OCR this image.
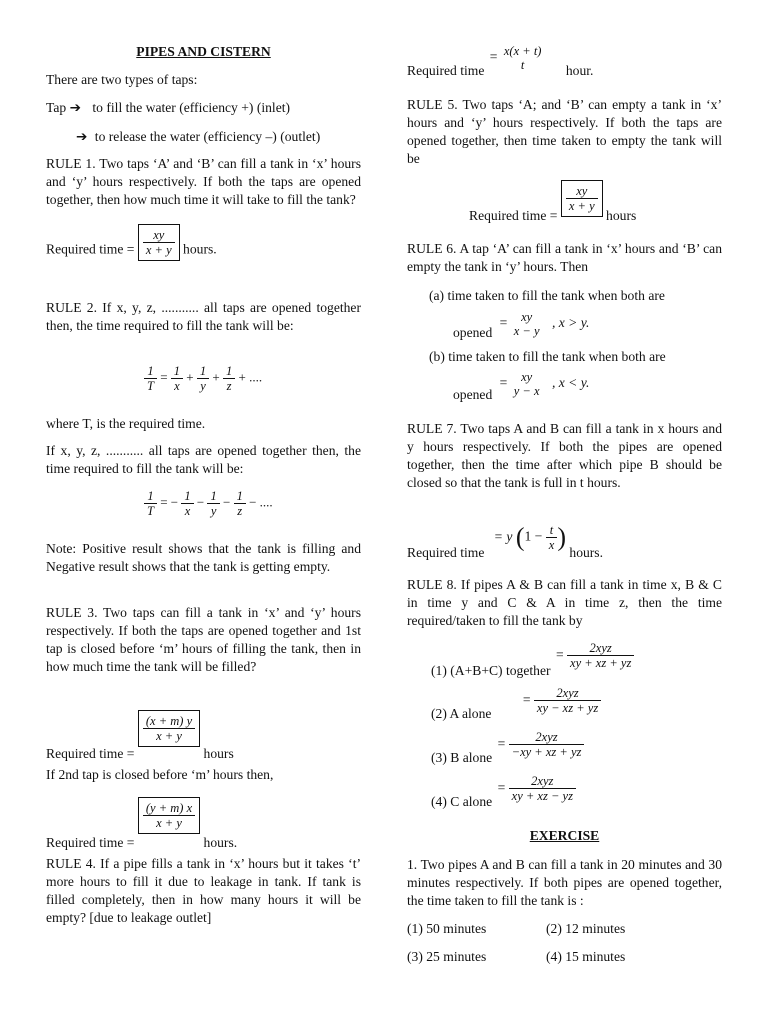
PIPES AND CISTERN
There are two types of taps:
Tap ➔ to fill the water (efficiency +) (inlet)
➔ to release the water (efficiency –) (outlet)
RULE 1. Two taps ‘A’ and ‘B’ can fill a tank in ‘x’ hours and ‘y’ hours respectively. If both the taps are opened together, then how much time it will take to fill the tank?
Required time = $\frac{xy}{x + y}$ hours.
RULE 2. If x, y, z, ........... all taps are opened together then, the time required to fill the tank will be:
$\frac{1}{T} = \frac{1}{x} + \frac{1}{y} + \frac{1}{z}$ + ....
where T, is the required time.
If x, y, z, ........... all taps are opened together then, the time required to fill the tank will be:
$\frac{1}{T}$ = − $\frac{1}{x} - \frac{1}{y} - \frac{1}{z}$ − ....
Note: Positive result shows that the tank is filling and Negative result shows that the tank is getting empty.
RULE 3. Two taps can fill a tank in ‘x’ and ‘y’ hours respectively. If both the taps are opened together and 1st tap is closed before ‘m’ hours of filling the tank, then in how much time the tank will be filled?
Required time =
$\frac{(x + m) y}{x + y}$
hours
If 2nd tap is closed before ‘m’ hours then,
Required time =
$\frac{(y + m) x}{x + y}$
hours.
RULE 4. If a pipe fills a tank in ‘x’ hours but it takes ‘t’ more hours to fill it due to leakage in tank. If tank is filled completely, then in how many hours it will be empty? [due to leakage outlet]
Required time = x(x + t)
t	hour.
RULE 5. Two taps ‘A; and ‘B’ can empty a tank in ‘x’ hours and ‘y’ hours respectively. If both the taps are opened together, then time taken to empty the tank will be
Required time = $\frac{xy}{x + y}$ hours
RULE 6. A tap ‘A’ can fill a tank in ‘x’ hours and ‘B’ can empty the tank in ‘y’ hours. Then
(a) time taken to fill the tank when both are
opened =	xy
x − y
, x > y.
(b) time taken to fill the tank when both are
opened =	xy
y − x
, x < y.
RULE 7. Two taps A and B can fill a tank in x hours and y hours respectively. If both the pipes are opened together, then the time after which pipe B should be closed so that the tank is full in t hours.
Required time = y ($1 - \frac{t}{x}$ ) hours.
RULE 8. If pipes A & B can fill a tank in time x, B & C in time y and C & A in time z, then the time required/taken to fill the tank by
(1) (A+B+C) together = $\frac{\text{2xyz}}{xy + xz + yz}$
(2) A alone = $\frac{\text{2xyz}}{xy - xz + yz}$
(3) B alone = $\frac{\text{2xyz}}{-xy + xz + yz}$
(4) C alone = $\frac{\text{2xyz}}{xy + xz - yz}$
EXERCISE
1. Two pipes A and B can fill a tank in 20 minutes and 30 minutes respectively. If both pipes are opened together, the time taken to fill the tank is :
(1) 50 minutes	(2) 12 minutes
(3) 25 minutes	(4) 15 minutes
